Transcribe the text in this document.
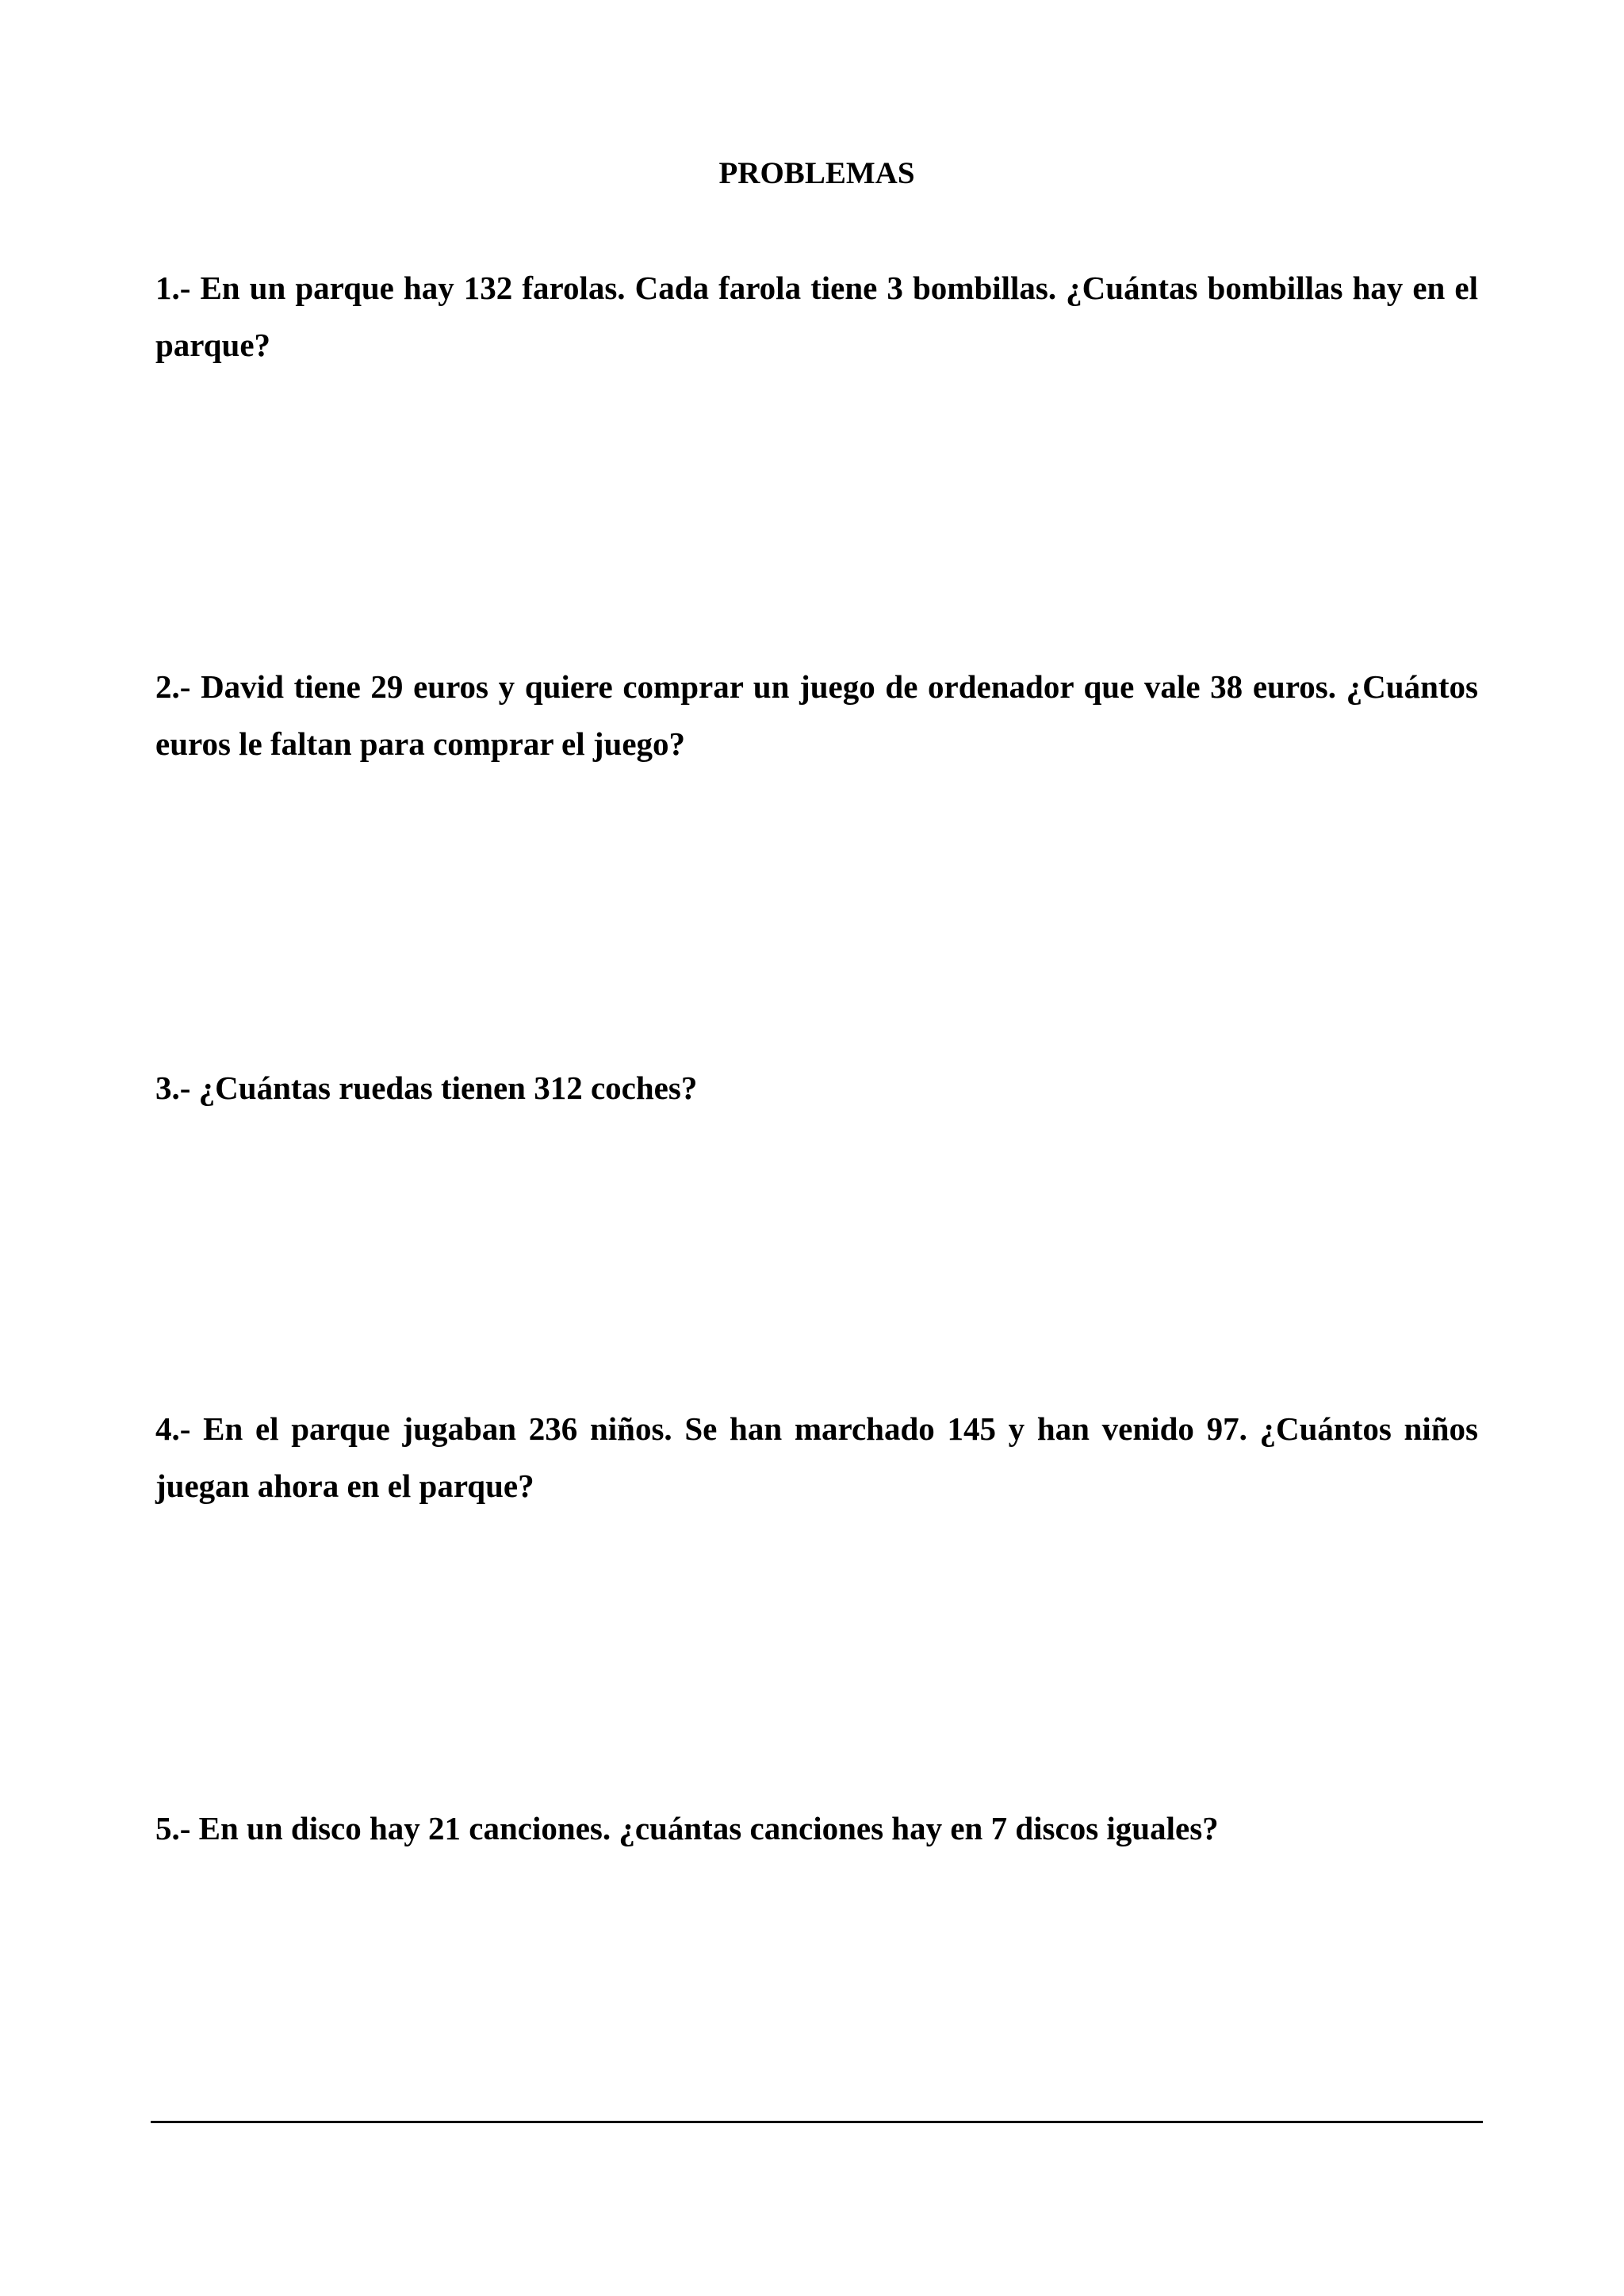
PROBLEMAS

1.- En un parque hay 132 farolas. Cada farola tiene 3 bombillas. ¿Cuántas bombillas hay en el parque?

2.- David tiene 29 euros y quiere comprar un juego de ordenador que vale 38 euros. ¿Cuántos euros le faltan para comprar el juego?

3.- ¿Cuántas ruedas tienen 312 coches?

4.- En el parque jugaban 236 niños. Se han marchado 145 y han venido 97. ¿Cuántos niños juegan ahora en el parque?

5.- En un disco hay 21 canciones. ¿cuántas canciones hay en 7 discos iguales?
